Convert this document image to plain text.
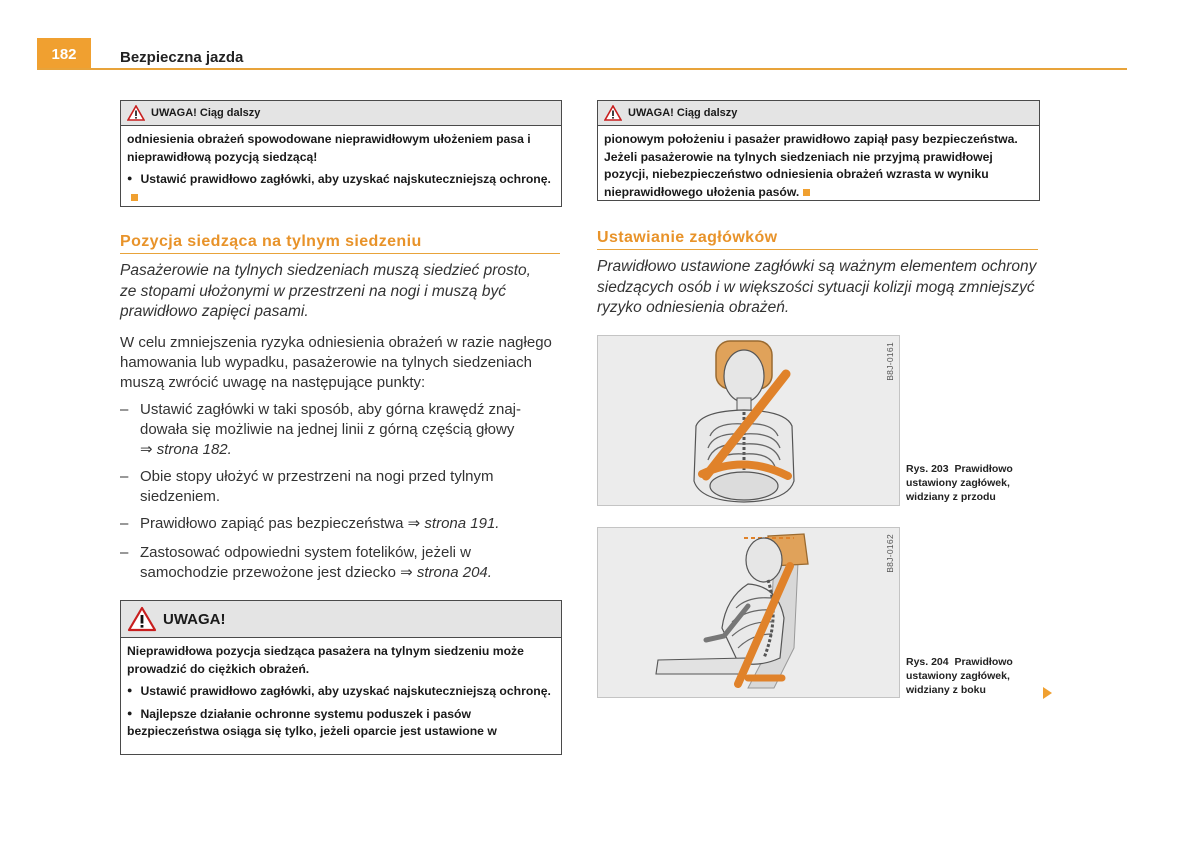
182	Bezpieczna jazda
UWAGA! Ciąg dalszy

odniesienia obrażeń spowodowane nieprawidłowym ułożeniem pasa i nieprawidłową pozycją siedzącą!

● Ustawić prawidłowo zagłówki, aby uzyskać najskuteczniejszą ochronę.

Pozycja siedząca na tylnym siedzeniu
Pasażerowie na tylnych siedzeniach muszą siedzieć prosto, ze stopami ułożonymi w przestrzeni na nogi i muszą być prawidłowo zapięci pasami.
W celu zmniejszenia ryzyka odniesienia obrażeń w razie nagłego hamowania lub wypadku, pasażerowie na tylnych siedzeniach muszą zwrócić uwagę na następujące punkty:
– Ustawić zagłówki w taki sposób, aby górna krawędź znaj-
dowała się możliwie na jednej linii z górną częścią głowy
⇒ strona 182.
– Obie stopy ułożyć w przestrzeni na nogi przed tylnym
siedzeniem.
– Prawidłowo zapiąć pas bezpieczeństwa ⇒ strona 191.
– Zastosować odpowiedni system fotelików, jeżeli w
samochodzie przewożone jest dziecko ⇒ strona 204.
UWAGA!

Nieprawidłowa pozycja siedząca pasażera na tylnym siedzeniu może prowadzić do ciężkich obrażeń.

● Ustawić prawidłowo zagłówki, aby uzyskać najskuteczniejszą ochronę.

● Najlepsze działanie ochronne systemu poduszek i pasów bezpieczeństwa osiąga się tylko, jeżeli oparcie jest ustawione w

UWAGA! Ciąg dalszy

pionowym położeniu i pasażer prawidłowo zapiął pasy bezpieczeństwa. Jeżeli pasażerowie na tylnych siedzeniach nie przyjmą prawidłowej pozycji, niebezpieczeństwo odniesienia obrażeń wzrasta w wyniku nieprawidłowego ułożenia pasów.

Ustawianie zagłówków
Prawidłowo ustawione zagłówki są ważnym elementem ochrony siedzących osób i w większości sytuacji kolizji mogą zmniejszyć ryzyko odniesienia obrażeń.
B8J-0161
Rys. 203 Prawidłowo
ustawiony zagłówek,
widziany z przodu
B8J-0162
Rys. 204 Prawidłowo
ustawiony zagłówek,
widziany z boku
